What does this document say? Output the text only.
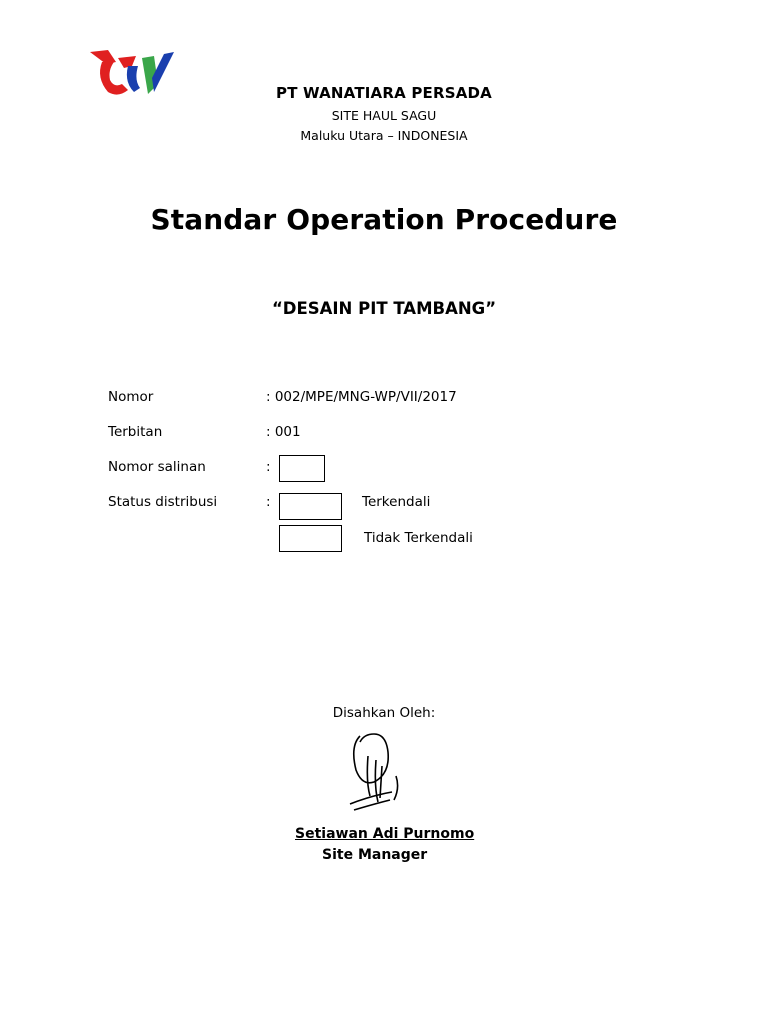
PT WANATIARA PERSADA
SITE HAUL SAGU
Maluku Utara – INDONESIA
Standar Operation Procedure
“DESAIN PIT TAMBANG”
Nomor	: 002/MPE/MNG-WP/VII/2017
Terbitan	: 001
Nomor salinan	:
Status distribusi	:	Terkendali
Tidak Terkendali
Disahkan Oleh:
Setiawan Adi Purnomo
Site Manager
